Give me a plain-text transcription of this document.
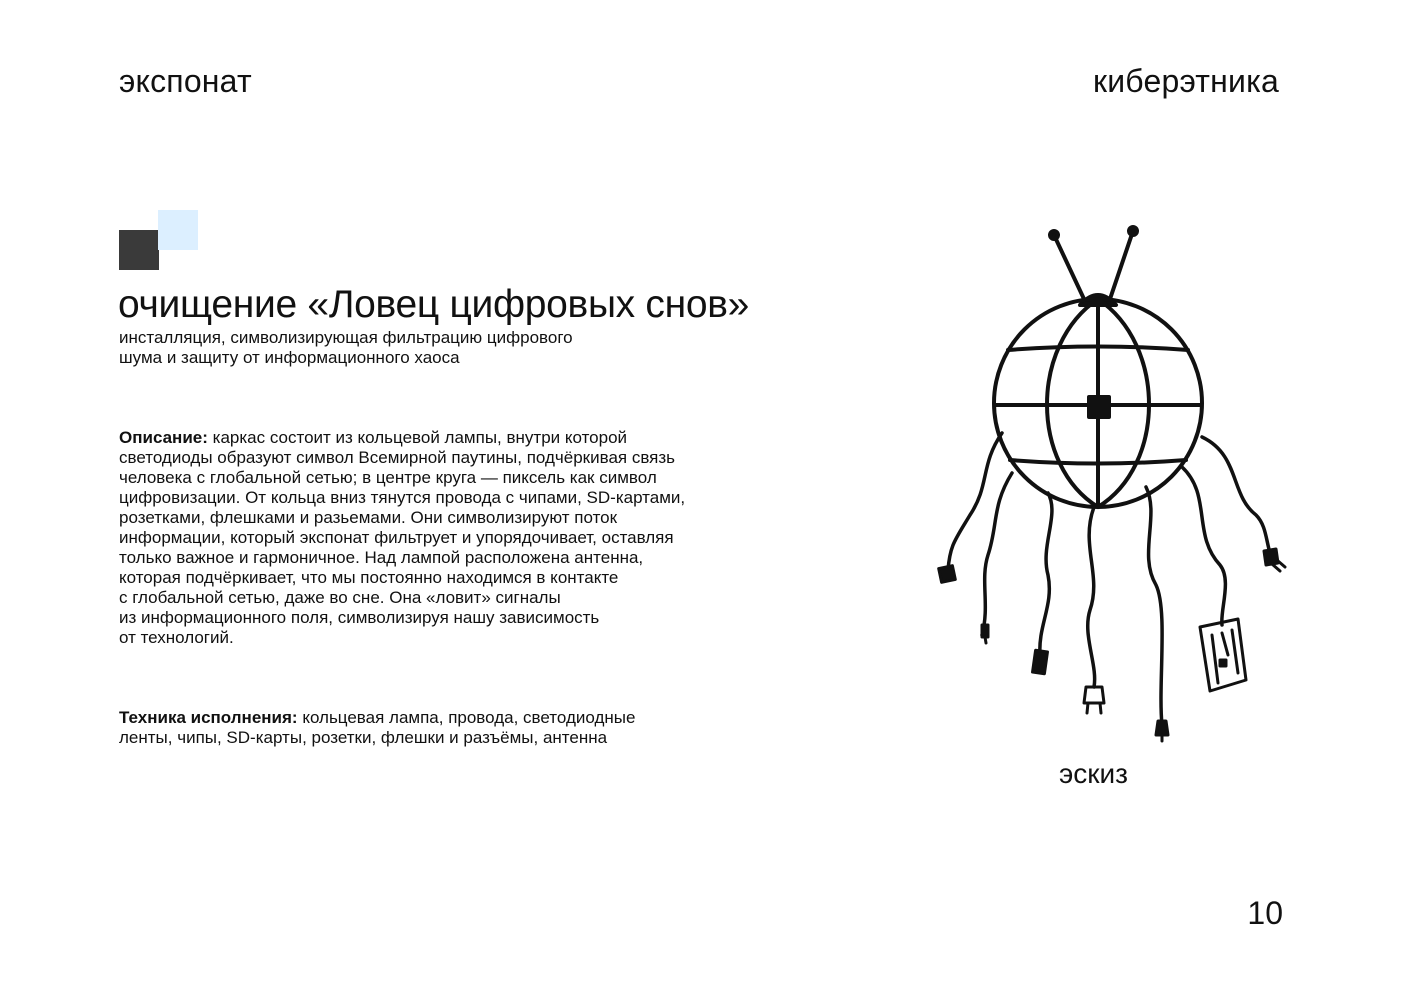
экспонат	киберэтника
очищение «Ловец цифровых снов»
инсталляция, символизирующая фильтрацию цифрового
шума и защиту от информационного хаоса
Описание: каркас состоит из кольцевой лампы, внутри которой
светодиоды образуют символ Всемирной паутины, подчёркивая связь
человека с глобальной сетью; в центре круга — пиксель как символ
цифровизации. От кольца вниз тянутся провода с чипами, SD-картами,
розетками, флешками и разьемами. Они символизируют поток
информации, который экспонат фильтрует и упорядочивает, оставляя
только важное и гармоничное. Над лампой расположена антенна,
которая подчёркивает, что мы постоянно находимся в контакте
с глобальной сетью, даже во сне. Она «ловит» сигналы
из информационного поля, символизируя нашу зависимость
от технологий.
Техника исполнения: кольцевая лампа, провода, светодиодные
ленты, чипы, SD-карты, розетки, флешки и разъёмы, антенна
эскиз
10
